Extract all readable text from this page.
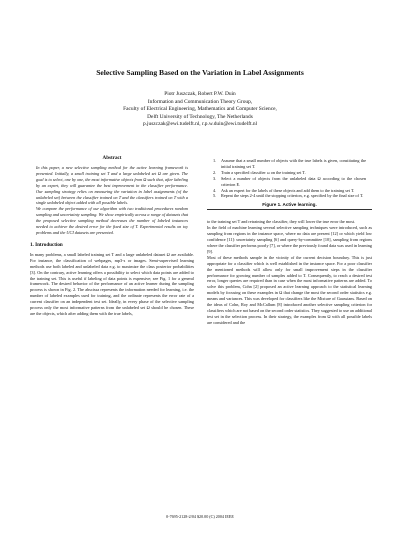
Selective Sampling Based on the Variation in Label Assignments
Piotr Juszczak, Robert P.W. Duin
Information and Communication Theory Group,
Faculty of Electrical Engineering, Mathematics and Computer Science,
Delft University of Technology, The Netherlands
p.juszczak@ewi.tudelft.nl, r.p.w.duin@ewi.tudelft.nl
Abstract

In this paper, a new selective sampling method for the active learning framework is presented. Initially, a small training set T and a large unlabeled set Ω are given. The goal is to select, one by one, the most informative objects from Ω such that, after labeling by an expert, they will guarantee the best improvement in the classifier performance. Our sampling strategy relies on measuring the variation in label assignments (of the unlabeled set) between the classifier trained on T and the classifiers trained on T with a single unlabeled object added with all possible labels.

We compare the performance of our algorithm with two traditional procedures random sampling and uncertainty sampling. We show empirically across a range of datasets that the proposed selective sampling method decreases the number of labeled instances needed to achieve the desired error for the fixed size of T. Experimental results on toy problems and the UCI datasets are presented.

1. Introduction

In many problems, a small labeled training set T and a large unlabeled dataset Ω are available. For instance, the classification of webpages, mp3-s or images. Semi-supervised learning methods use both labeled and unlabeled data e.g. to maximize the class posterior probabilities [3]. On the contrary, active learning offers a possibility to select which data points are added to the training set. This is useful if labeling of data points is expensive; see Fig. 1 for a general framework. The desired behavior of the performance of an active learner during the sampling process is shown in Fig. 2. The abscissa represents the information needed for learning, i.e. the number of labeled examples used for training, and the ordinate represents the error rate of a current classifier on an independent test set. Ideally, in every phase of the selective sampling process only the most informative patterns from the unlabeled set Ω should be chosen. These are the objects, which after adding them with the true labels,

1.	Assume that a small number of objects with the true labels is given, constituting the initial training set T.
2.	Train a specified classifier ω on the training set T.
3.	Select a number of objects from the unlabeled data Ω according to the chosen criterion E.
4.	Ask an expert for the labels of these objects and add them to the training set T.
5.	Repeat the steps 2-4 until the stopping criterion, e.g. specified by the final size of T.
Figure 1. Active learning.

to the training set T and retraining the classifier, they will lower the true error the most.

In the field of machine learning several selective sampling techniques were introduced, such as sampling from regions in the instance space, where no data are present [12] or which yield low confidence [11]: uncertainty sampling [6] and query-by-committee [10], sampling from regions where the classifier performs poorly [7], or where the previously found data was used in learning [9].

Most of these methods sample in the vicinity of the current decision boundary. This is just appropriate for a classifier which is well established in the instance space. For a poor classifier the mentioned methods will allow only for small improvement steps in the classifier performance for growing number of samples added to T. Consequently, to reach a desired test error, longer queries are required than in case when the most informative patterns are added. To solve this problem, Cohn [2] proposed an active learning approach to the statistical learning models by focusing on these examples in Ω that change the most the second order statistics e.g. means and variances. This was developed for classifiers like the Mixture of Gaussians. Based on the ideas of Cohn, Roy and McCallum [8] introduced another selective sampling criterion for classifiers which are not based on the second order statistics. They suggested to use an additional test set in the selection process. In their strategy, the examples from Ω with all possible labels are considered and the

0-7695-2128-2/04 $20.00 (C) 2004 IEEE
